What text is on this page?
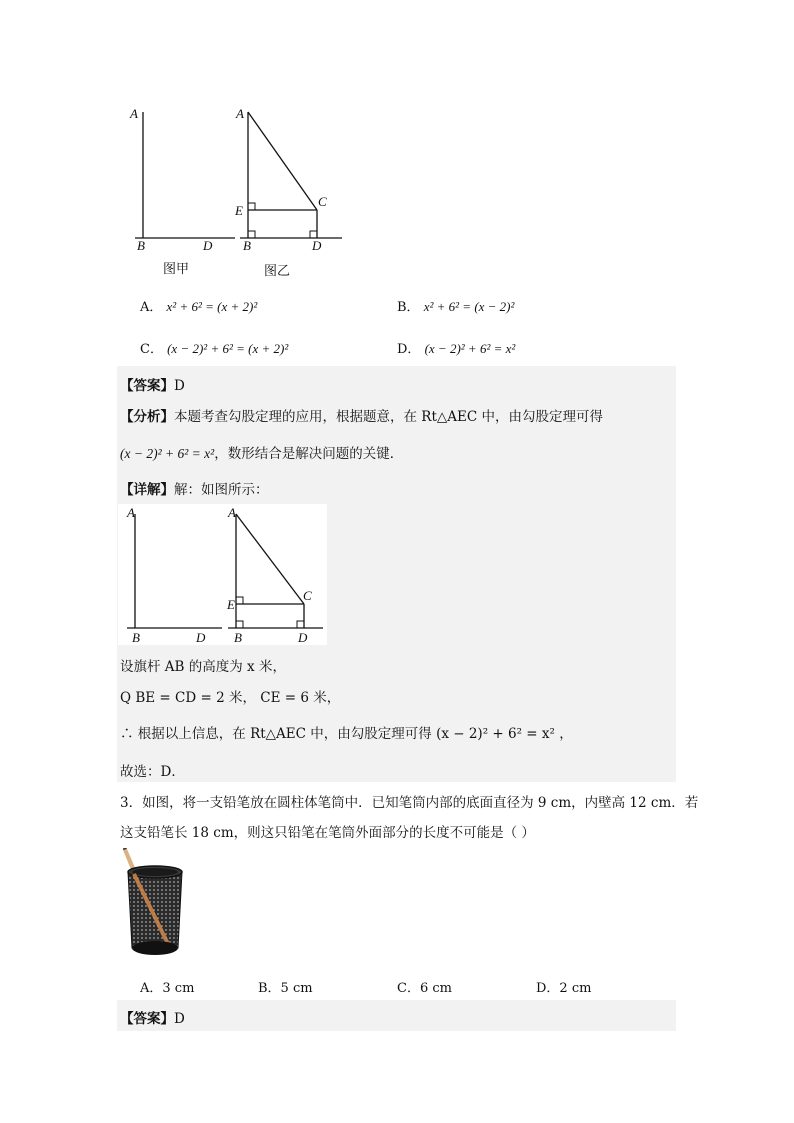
A
B	D
A
E
C
B	D
图甲	图乙
A． x² + 6² = (x + 2)²	B． x² + 6² = (x − 2)²
C． (x − 2)² + 6² = (x + 2)²	D． (x − 2)² + 6² = x²
【答案】D
【分析】本题考查勾股定理的应用，根据题意，在 Rt△AEC 中，由勾股定理可得
(x − 2)² + 6² = x²，数形结合是解决问题的关键．
【详解】解：如图所示：
A
B	D
A
E
C
B	D
设旗杆 AB 的高度为 x 米，
Q BE = CD = 2 米， CE = 6 米，
∴ 根据以上信息，在 Rt△AEC 中，由勾股定理可得 (x − 2)² + 6² = x² ，
故选：D．
3．如图，将一支铅笔放在圆柱体笔筒中．已知笔筒内部的底面直径为 9 cm，内壁高 12 cm．若
这支铅笔长 18 cm，则这只铅笔在笔筒外面部分的长度不可能是（ ）
A．3 cm	B．5 cm	C．6 cm	D．2 cm
【答案】D
